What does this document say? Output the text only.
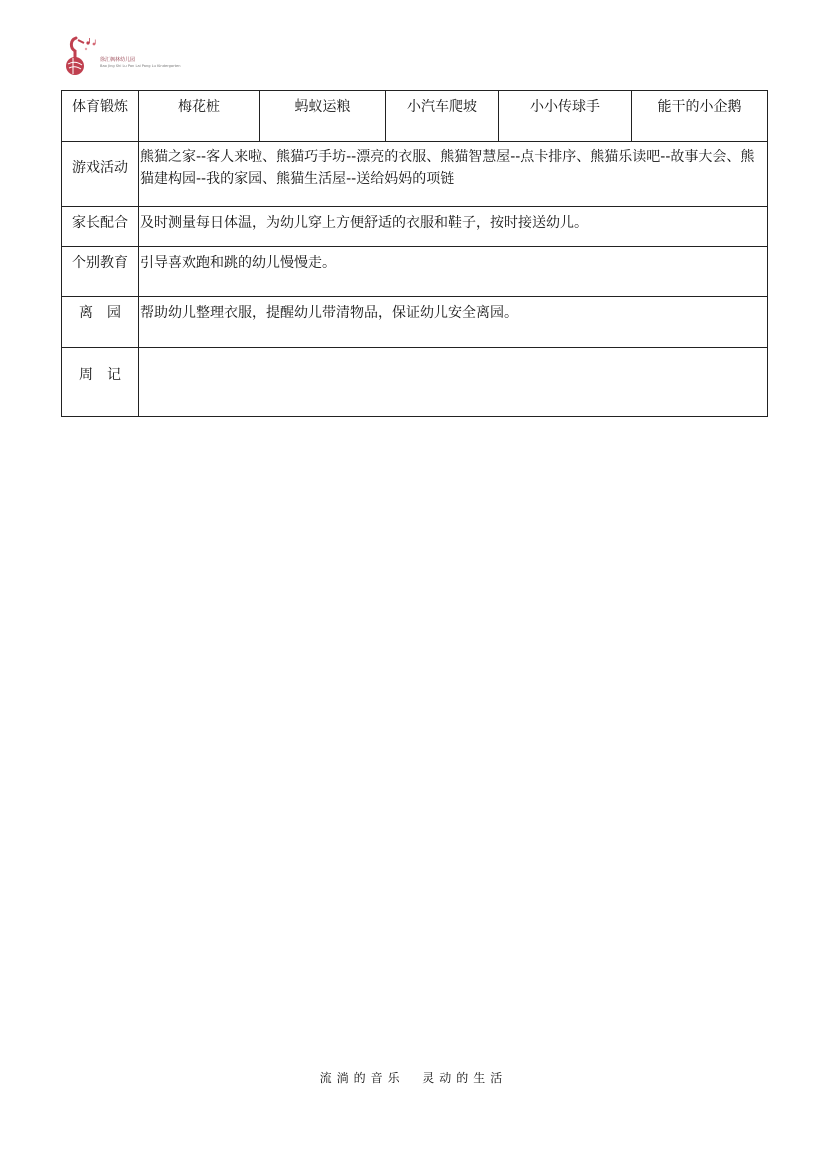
徐汇枫林幼儿园
Bao Jing Shi Lu Pan Lai Pang Lu Kindergarten
体育锻炼	梅花桩	蚂蚁运粮	小汽车爬坡	小小传球手	能干的小企鹅
游戏活动	熊猫之家--客人来啦、熊猫巧手坊--漂亮的衣服、熊猫智慧屋--点卡排序、熊猫乐读吧--故事大会、熊猫建构园--我的家园、熊猫生活屋--送给妈妈的项链				
家长配合	及时测量每日体温，为幼儿穿上方便舒适的衣服和鞋子，按时接送幼儿。				
个别教育	引导喜欢跑和跳的幼儿慢慢走。				
离　园	帮助幼儿整理衣服，提醒幼儿带清物品，保证幼儿安全离园。				
周　记					
流淌的音乐  灵动的生活
